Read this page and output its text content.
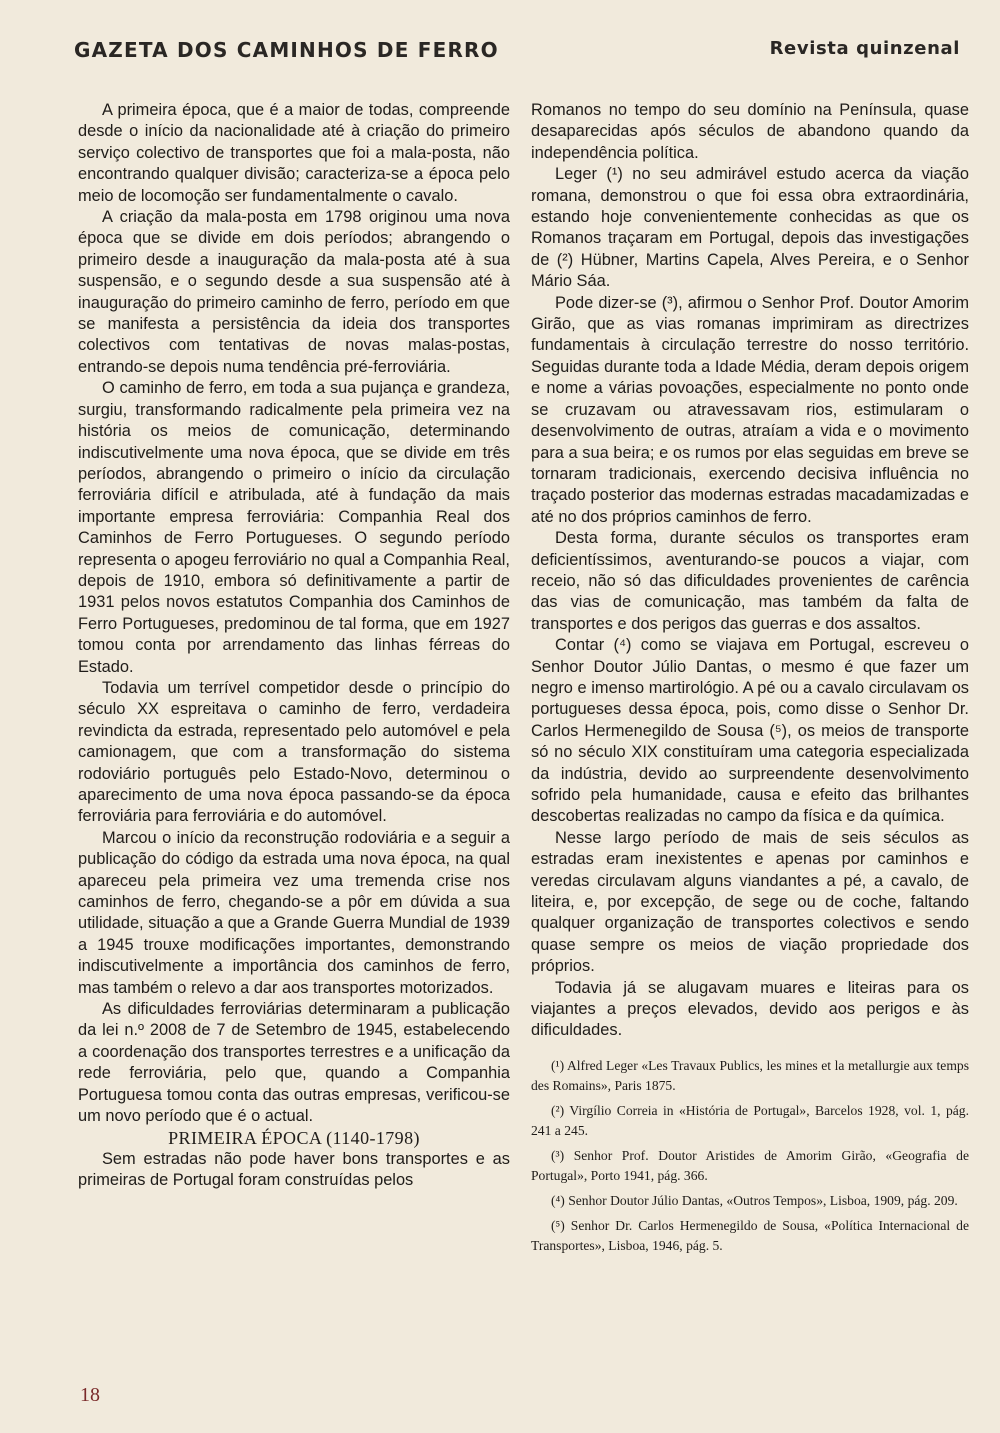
GAZETA DOS CAMINHOS DE FERRO	Revista quinzenal

A primeira época, que é a maior de todas, compreende desde o início da nacionalidade até à criação do primeiro serviço colectivo de transportes que foi a mala-posta, não encontrando qualquer divisão; caracteriza-se a época pelo meio de locomoção ser fundamentalmente o cavalo.

A criação da mala-posta em 1798 originou uma nova época que se divide em dois períodos; abrangendo o primeiro desde a inauguração da mala-posta até à sua suspensão, e o segundo desde a sua suspensão até à inauguração do primeiro caminho de ferro, período em que se manifesta a persistência da ideia dos transportes colectivos com tentativas de novas malas-postas, entrando-se depois numa tendência pré-ferroviária.

O caminho de ferro, em toda a sua pujança e grandeza, surgiu, transformando radicalmente pela primeira vez na história os meios de comunicação, determinando indiscutivelmente uma nova época, que se divide em três períodos, abrangendo o primeiro o início da circulação ferroviária difícil e atribulada, até à fundação da mais importante empresa ferroviária: Companhia Real dos Caminhos de Ferro Portugueses. O segundo período representa o apogeu ferroviário no qual a Companhia Real, depois de 1910, embora só definitivamente a partir de 1931 pelos novos estatutos Companhia dos Caminhos de Ferro Portugueses, predominou de tal forma, que em 1927 tomou conta por arrendamento das linhas férreas do Estado.

Todavia um terrível competidor desde o princípio do século XX espreitava o caminho de ferro, verdadeira revindicta da estrada, representado pelo automóvel e pela camionagem, que com a transformação do sistema rodoviário português pelo Estado-Novo, determinou o aparecimento de uma nova época passando-se da época ferroviária para ferroviária e do automóvel.

Marcou o início da reconstrução rodoviária e a seguir a publicação do código da estrada uma nova época, na qual apareceu pela primeira vez uma tremenda crise nos caminhos de ferro, chegando-se a pôr em dúvida a sua utilidade, situação a que a Grande Guerra Mundial de 1939 a 1945 trouxe modificações importantes, demonstrando indiscutivelmente a importância dos caminhos de ferro, mas também o relevo a dar aos transportes motorizados.

As dificuldades ferroviárias determinaram a publicação da lei n.º 2008 de 7 de Setembro de 1945, estabelecendo a coordenação dos transportes terrestres e a unificação da rede ferroviária, pelo que, quando a Companhia Portuguesa tomou conta das outras empresas, verificou-se um novo período que é o actual.

PRIMEIRA ÉPOCA (1140-1798)

Sem estradas não pode haver bons transportes e as primeiras de Portugal foram construídas pelos

Romanos no tempo do seu domínio na Península, quase desaparecidas após séculos de abandono quando da independência política.

Leger (¹) no seu admirável estudo acerca da viação romana, demonstrou o que foi essa obra extraordinária, estando hoje convenientemente conhecidas as que os Romanos traçaram em Portugal, depois das investigações de (²) Hübner, Martins Capela, Alves Pereira, e o Senhor Mário Sáa.

Pode dizer-se (³), afirmou o Senhor Prof. Doutor Amorim Girão, que as vias romanas imprimiram as directrizes fundamentais à circulação terrestre do nosso território. Seguidas durante toda a Idade Média, deram depois origem e nome a várias povoações, especialmente no ponto onde se cruzavam ou atravessavam rios, estimularam o desenvolvimento de outras, atraíam a vida e o movimento para a sua beira; e os rumos por elas seguidas em breve se tornaram tradicionais, exercendo decisiva influência no traçado posterior das modernas estradas macadamizadas e até no dos próprios caminhos de ferro.

Desta forma, durante séculos os transportes eram deficientíssimos, aventurando-se poucos a viajar, com receio, não só das dificuldades provenientes de carência das vias de comunicação, mas também da falta de transportes e dos perigos das guerras e dos assaltos.

Contar (⁴) como se viajava em Portugal, escreveu o Senhor Doutor Júlio Dantas, o mesmo é que fazer um negro e imenso martirológio. A pé ou a cavalo circulavam os portugueses dessa época, pois, como disse o Senhor Dr. Carlos Hermenegildo de Sousa (⁵), os meios de transporte só no século XIX constituíram uma categoria especializada da indústria, devido ao surpreendente desenvolvimento sofrido pela humanidade, causa e efeito das brilhantes descobertas realizadas no campo da física e da química.

Nesse largo período de mais de seis séculos as estradas eram inexistentes e apenas por caminhos e veredas circulavam alguns viandantes a pé, a cavalo, de liteira, e, por excepção, de sege ou de coche, faltando qualquer organização de transportes colectivos e sendo quase sempre os meios de viação propriedade dos próprios.

Todavia já se alugavam muares e liteiras para os viajantes a preços elevados, devido aos perigos e às dificuldades.

(¹) Alfred Leger «Les Travaux Publics, les mines et la metallurgie aux temps des Romains», Paris 1875.

(²) Virgílio Correia in «História de Portugal», Barcelos 1928, vol. 1, pág. 241 a 245.

(³) Senhor Prof. Doutor Aristides de Amorim Girão, «Geografia de Portugal», Porto 1941, pág. 366.

(⁴) Senhor Doutor Júlio Dantas, «Outros Tempos», Lisboa, 1909, pág. 209.

(⁵) Senhor Dr. Carlos Hermenegildo de Sousa, «Política Internacional de Transportes», Lisboa, 1946, pág. 5.

18
